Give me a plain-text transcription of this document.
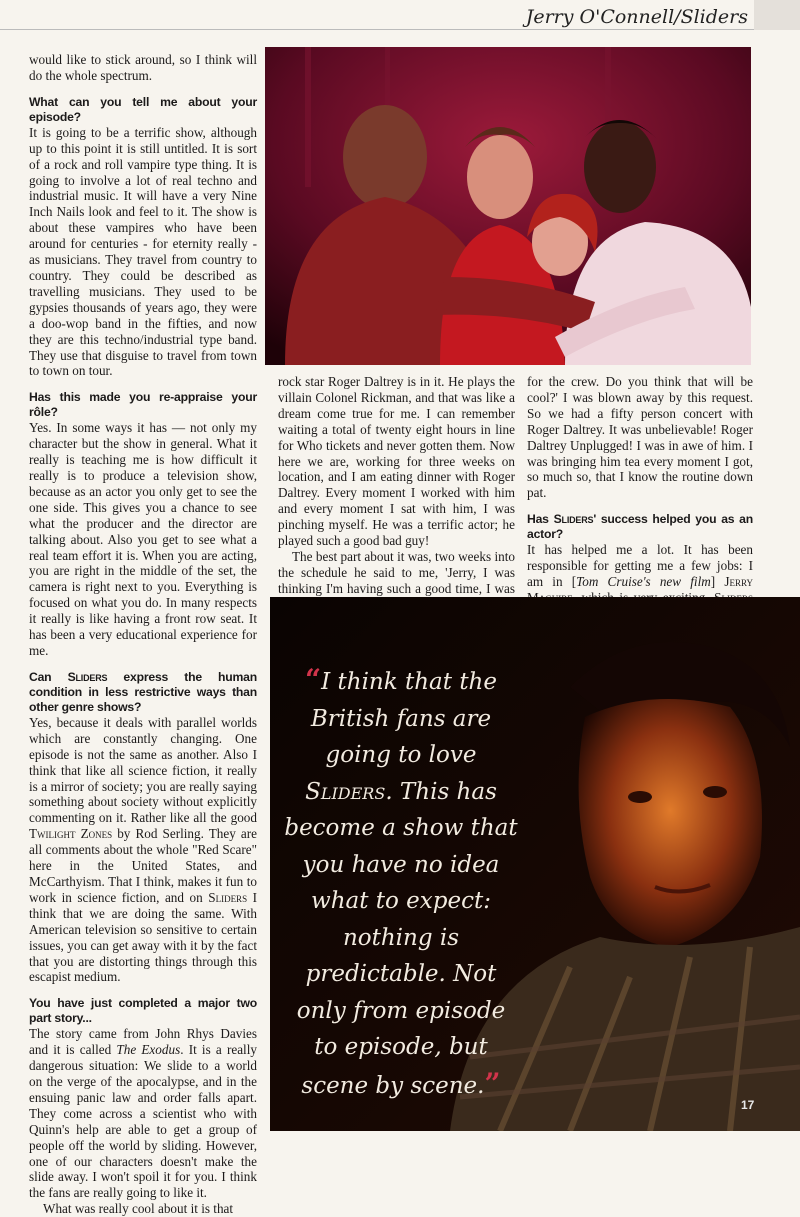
Jerry O'Connell/Sliders

would like to stick around, so I think will do the whole spectrum.

What can you tell me about your episode?

It is going to be a terrific show, although up to this point it is still untitled. It is sort of a rock and roll vampire type thing. It is going to involve a lot of real techno and industrial music. It will have a very Nine Inch Nails look and feel to it. The show is about these vampires who have been around for centuries - for eternity really - as musicians. They travel from country to country. They could be described as travelling musicians. They used to be gypsies thousands of years ago, they were a doo-wop band in the fifties, and now they are this techno/industrial type band. They use that disguise to travel from town to town on tour.

Has this made you re-appraise your rôle?

Yes. In some ways it has — not only my character but the show in general. What it really is teaching me is how difficult it really is to produce a television show, because as an actor you only get to see the one side. This gives you a chance to see what the producer and the director are talking about. Also you get to see what a real team effort it is. When you are acting, you are right in the middle of the set, the camera is right next to you. Everything is focused on what you do. In many respects it really is like having a front row seat. It has been a very educational experience for me.

Can Sliders express the human condition in less restrictive ways than other genre shows?

Yes, because it deals with parallel worlds which are constantly changing. One episode is not the same as another. Also I think that like all science fiction, it really is a mirror of society; you are really saying something about society without explicitly commenting on it. Rather like all the good Twilight Zones by Rod Serling. They are all comments about the whole "Red Scare" here in the United States, and McCarthyism. That I think, makes it fun to work in science fiction, and on Sliders I think that we are doing the same. With American television so sensitive to certain issues, you can get away with it by the fact that you are distorting things through this escapist medium.

You have just completed a major two part story...

The story came from John Rhys Davies and it is called The Exodus. It is a really dangerous situation: We slide to a world on the verge of the apocalypse, and in the ensuing panic law and order falls apart. They come across a scientist who with Quinn's help are able to get a group of people off the world by sliding. However, one of our characters doesn't make the slide away. I won't spoil it for you. I think the fans are really going to like it.

What was really cool about it is that

rock star Roger Daltrey is in it. He plays the villain Colonel Rickman, and that was like a dream come true for me. I can remember waiting a total of twenty eight hours in line for Who tickets and never gotten them. Now here we are, working for three weeks on location, and I am eating dinner with Roger Daltrey. Every moment I worked with him and every moment I sat with him, I was pinching myself. He was a terrific actor; he played such a good bad guy!

The best part about it was, two weeks into the schedule he said to me, 'Jerry, I was thinking I'm having such a good time, I was

for the crew. Do you think that will be cool?' I was blown away by this request. So we had a fifty person concert with Roger Daltrey. It was unbelievable! Roger Daltrey Unplugged! I was in awe of him. I was bringing him tea every moment I got, so much so, that I know the routine down pat.

Has Sliders' success helped you as an actor?

It has helped me a lot. It has been responsible for getting me a few jobs: I am in [Tom Cruise's new film] Jerry

“I think that the British fans are going to love Sliders. This has become a show that you have no idea what to expect: nothing is predictable. Not only from episode to episode, but scene by scene.”
17
